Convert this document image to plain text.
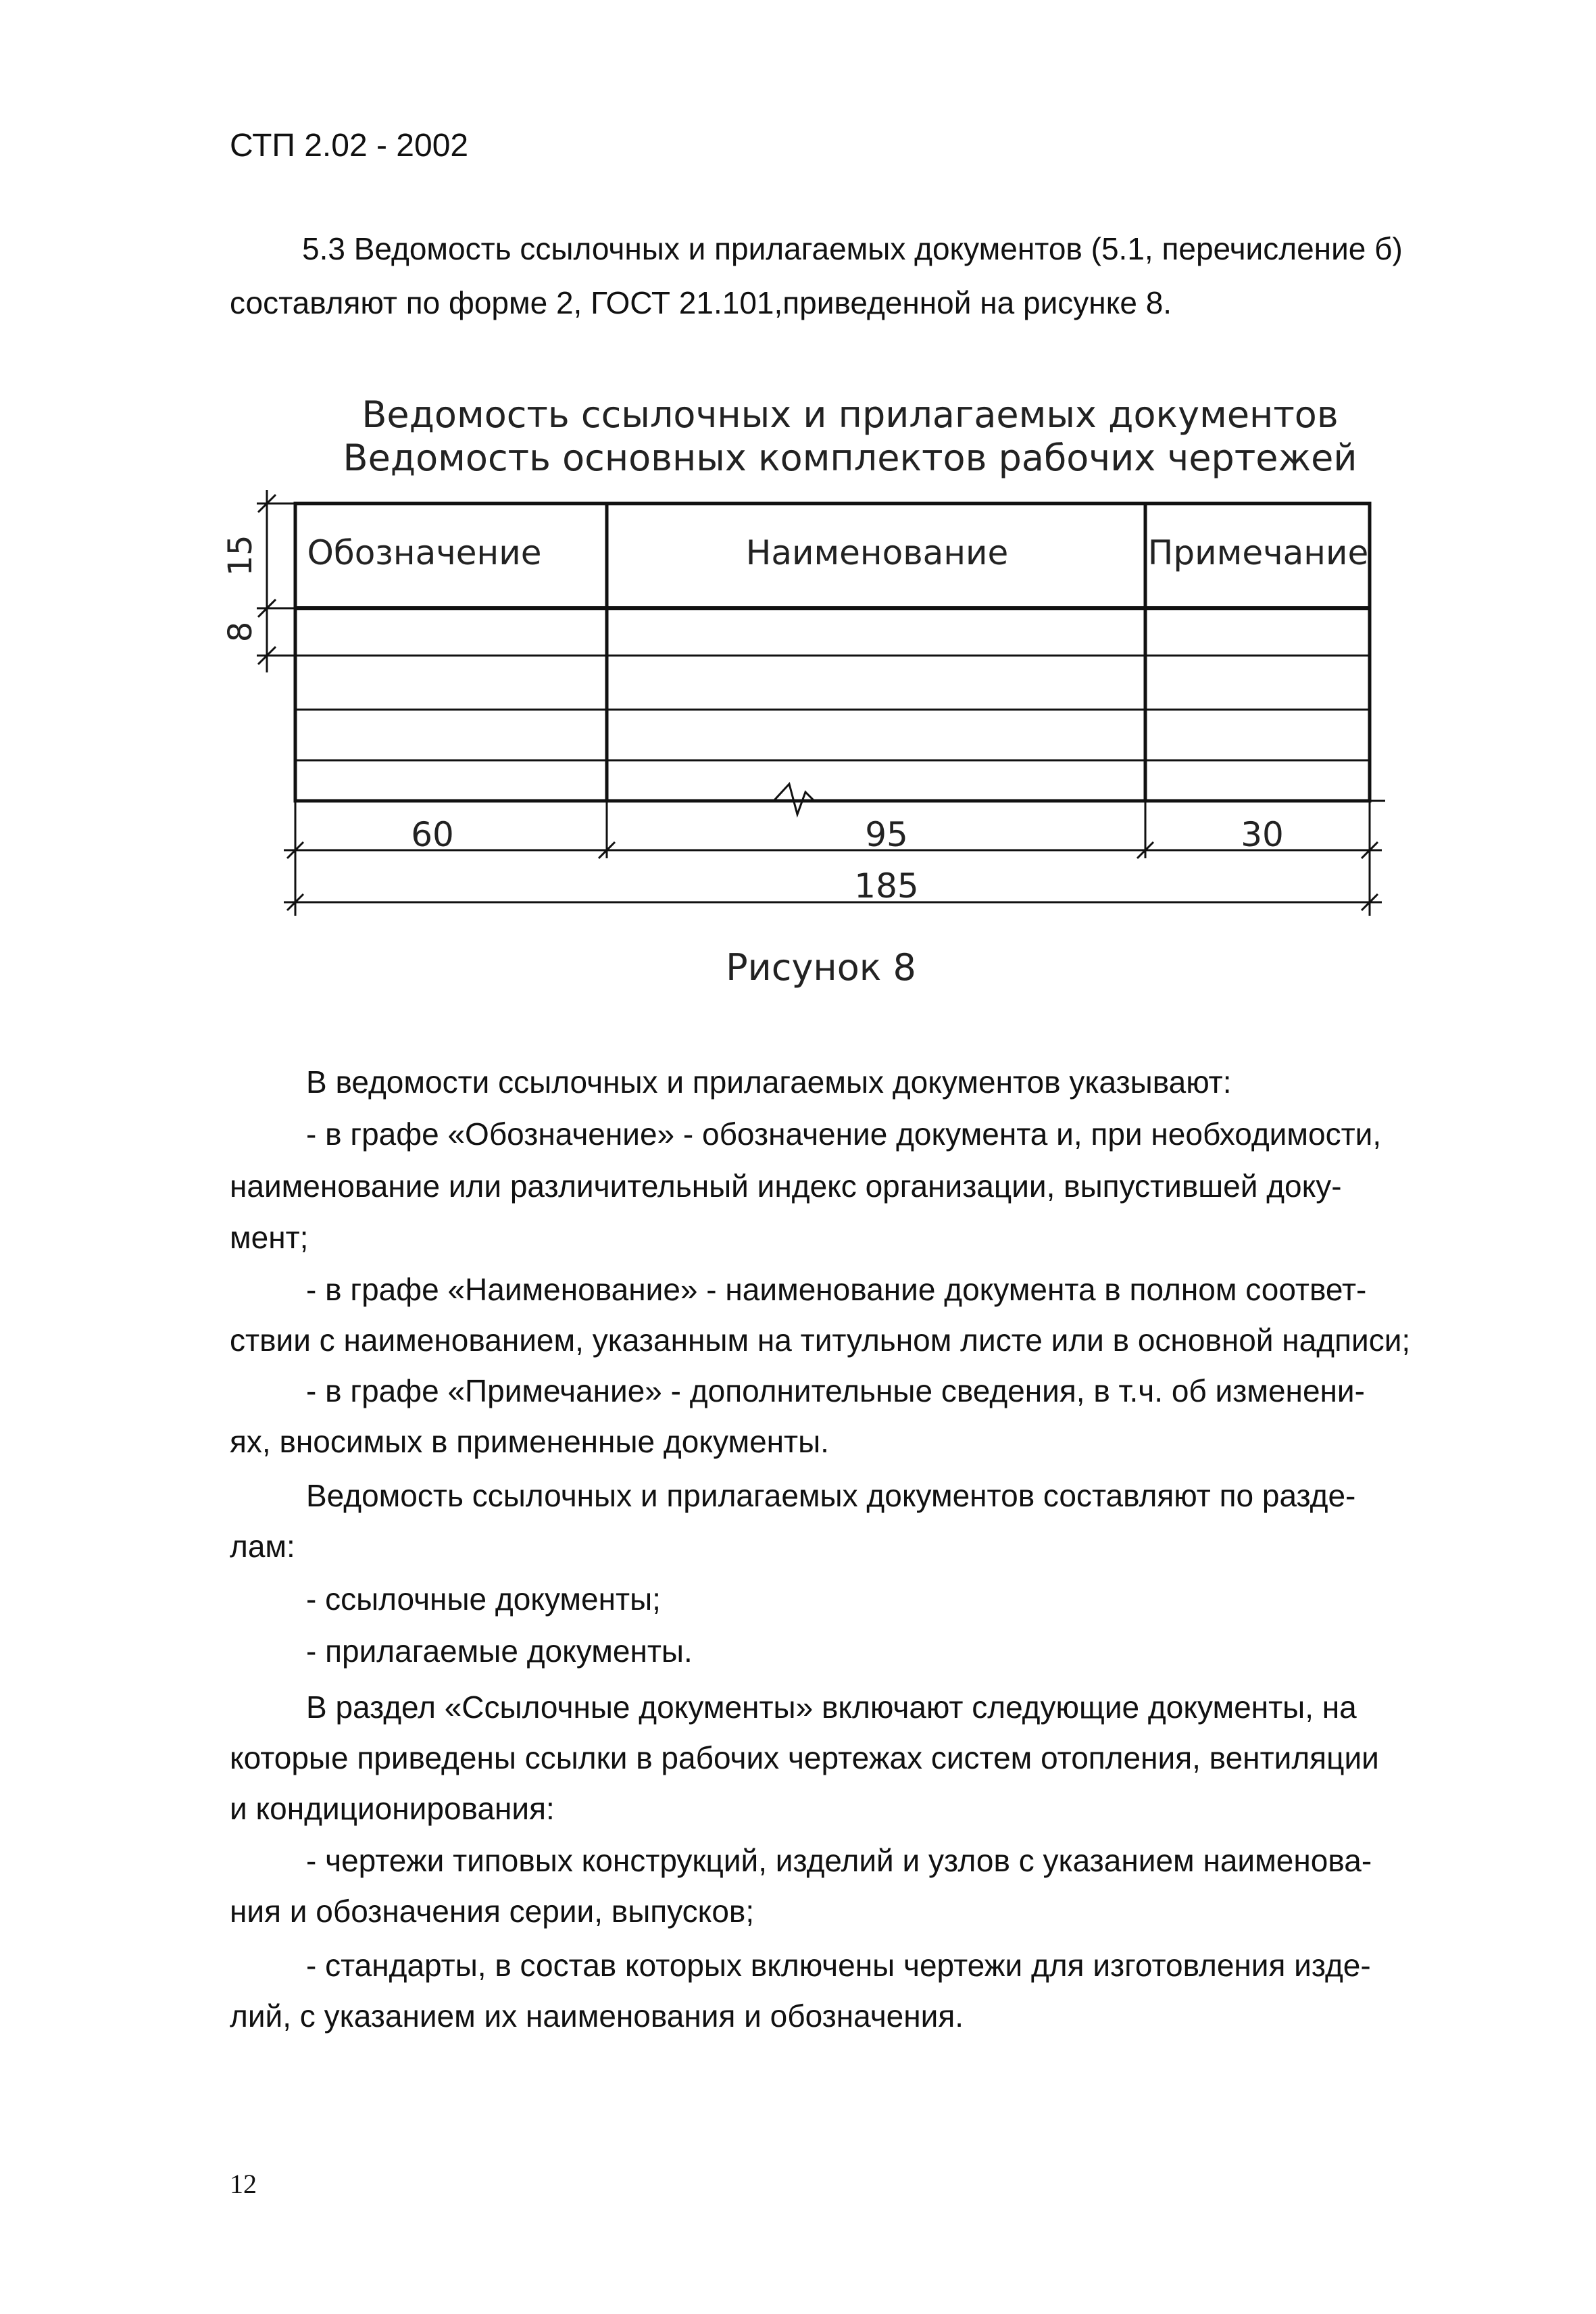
СТП 2.02 - 2002
5.3 Ведомость ссылочных и прилагаемых документов (5.1, перечисление б)
составляют по форме 2, ГОСТ 21.101,приведенной на рисунке 8.
Ведомость ссылочных и прилагаемых документов
Ведомость основных комплектов рабочих чертежей
Обозначение	Наименование	Примечание
15
8
60	95	30
185
Рисунок 8
В ведомости ссылочных и прилагаемых документов указывают:
- в графе «Обозначение» - обозначение документа и, при необходимости,
наименование или различительный индекс организации, выпустившей доку-
мент;
- в графе «Наименование» - наименование документа в полном соответ-
ствии с наименованием, указанным на титульном листе или в основной надписи;
- в графе «Примечание» - дополнительные сведения, в т.ч. об изменени-
ях, вносимых в примененные документы.
Ведомость ссылочных и прилагаемых документов составляют по разде-
лам:
- ссылочные документы;
- прилагаемые документы.
В раздел «Ссылочные документы» включают следующие документы, на
которые приведены ссылки в рабочих чертежах систем отопления, вентиляции
и кондиционирования:
- чертежи типовых конструкций, изделий и узлов с указанием наименова-
ния и обозначения серии, выпусков;
- стандарты, в состав которых включены чертежи для изготовления изде-
лий, с указанием их наименования и обозначения.
12
